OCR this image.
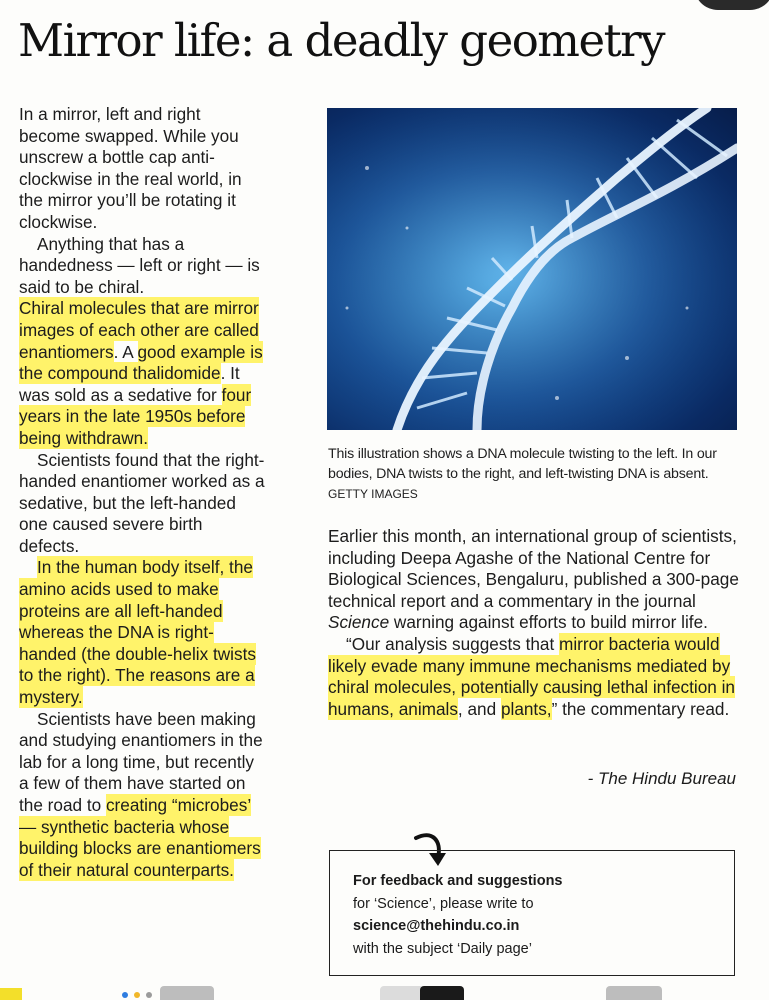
Mirror life: a deadly geometry

In a mirror, left and right become swapped. While you unscrew a bottle cap anti-clockwise in the real world, in the mirror you’ll be rotating it clockwise.

Anything that has a handedness — left or right — is said to be chiral.

Chiral molecules that are mirror images of each other are called enantiomers. A good example is the compound thalidomide. It was sold as a sedative for four years in the late 1950s before being withdrawn.

Scientists found that the right-handed enantiomer worked as a sedative, but the left-handed one caused severe birth defects.

In the human body itself, the amino acids used to make proteins are all left-handed whereas the DNA is right-handed (the double-helix twists to the right). The reasons are a mystery.

Scientists have been making and studying enantiomers in the lab for a long time, but recently a few of them have started on the road to creating “microbes’ — synthetic bacteria whose building blocks are enantiomers of their natural counterparts.

This illustration shows a DNA molecule twisting to the left. In our bodies, DNA twists to the right, and left-twisting DNA is absent. GETTY IMAGES

Earlier this month, an international group of scientists, including Deepa Agashe of the National Centre for Biological Sciences, Bengaluru, published a 300-page technical report and a commentary in the journal Science warning against efforts to build mirror life.

“Our analysis suggests that mirror bacteria would likely evade many immune mechanisms mediated by chiral molecules, potentially causing lethal infection in humans, animals, and plants,” the commentary read.

- The Hindu Bureau
For feedback and suggestions
for ‘Science’, please write to
science@thehindu.co.in
with the subject ‘Daily page’
